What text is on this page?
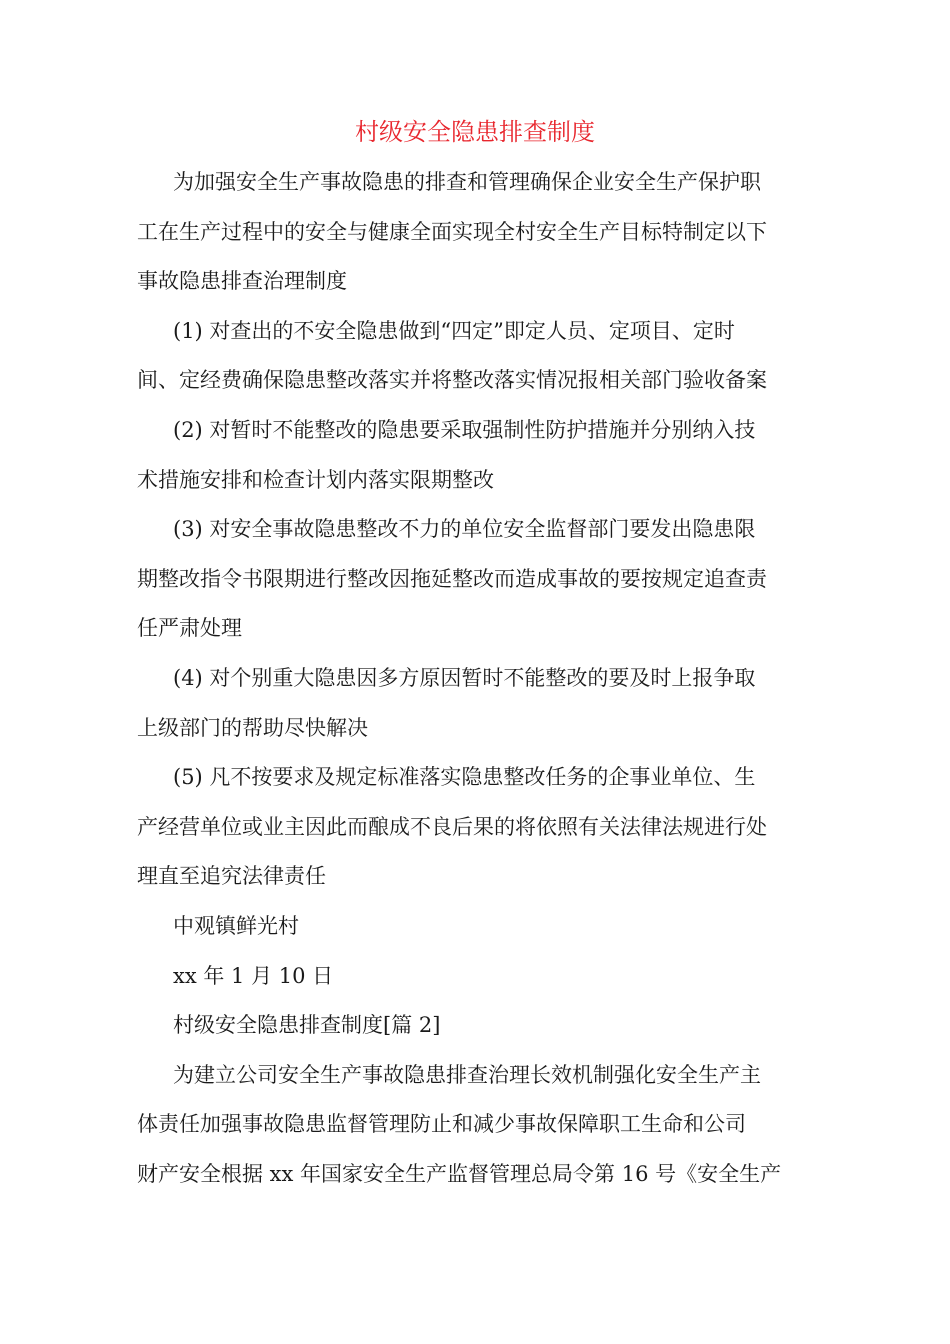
村级安全隐患排查制度

为加强安全生产事故隐患的排查和管理确保企业安全生产保护职
工在生产过程中的安全与健康全面实现全村安全生产目标特制定以下
事故隐患排查治理制度

(1) 对查出的不安全隐患做到“四定”即定人员、定项目、定时
间、定经费确保隐患整改落实并将整改落实情况报相关部门验收备案

(2) 对暂时不能整改的隐患要采取强制性防护措施并分别纳入技
术措施安排和检查计划内落实限期整改

(3) 对安全事故隐患整改不力的单位安全监督部门要发出隐患限
期整改指令书限期进行整改因拖延整改而造成事故的要按规定追查责
任严肃处理

(4) 对个别重大隐患因多方原因暂时不能整改的要及时上报争取
上级部门的帮助尽快解决

(5) 凡不按要求及规定标准落实隐患整改任务的企事业单位、生
产经营单位或业主因此而酿成不良后果的将依照有关法律法规进行处
理直至追究法律责任

中观镇鲜光村

xx 年 1 月 10 日

村级安全隐患排查制度[篇 2]

为建立公司安全生产事故隐患排查治理长效机制强化安全生产主
体责任加强事故隐患监督管理防止和减少事故保障职工生命和公司
财产安全根据 xx 年国家安全生产监督管理总局令第 16 号《安全生产
